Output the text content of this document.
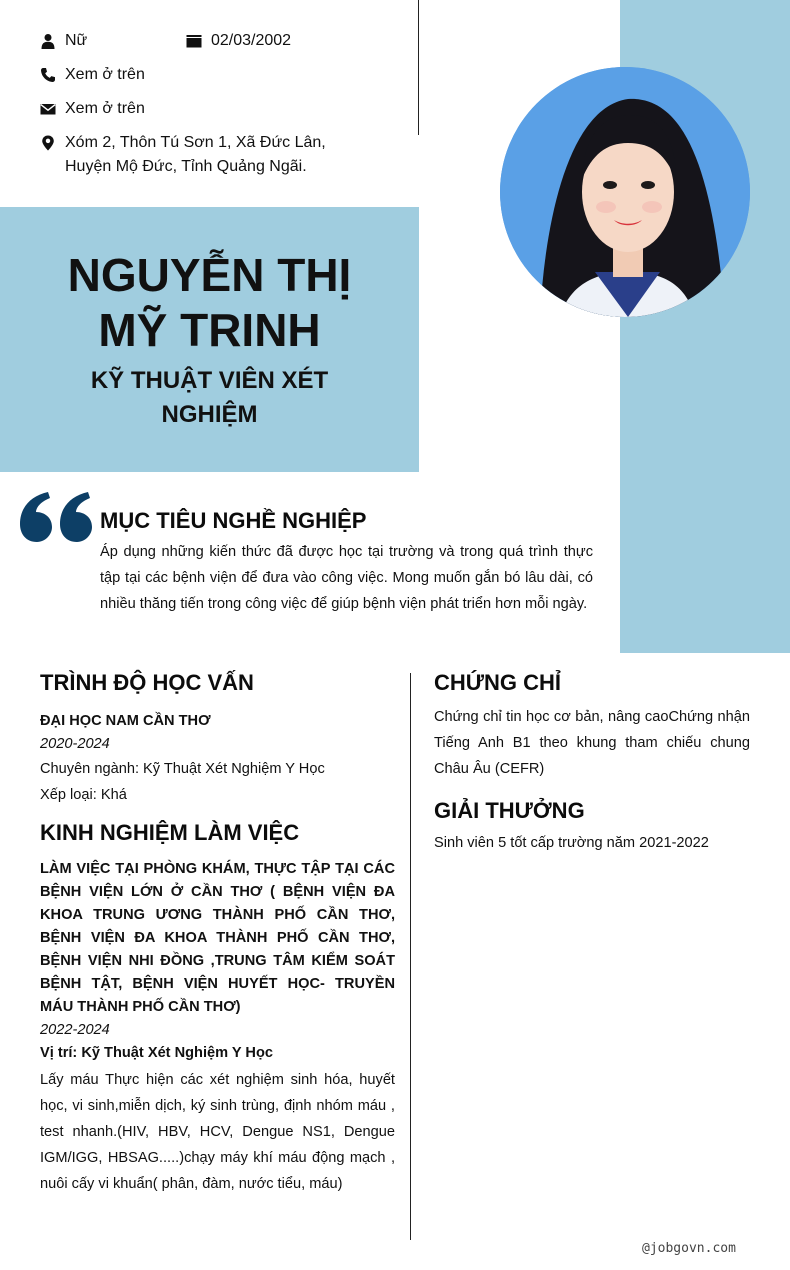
Nữ	02/03/2002
Xem ở trên
Xem ở trên
Xóm 2, Thôn Tú Sơn 1, Xã Đức Lân,
Huyện Mộ Đức, Tỉnh Quảng Ngãi.
NGUYỄN THỊ
MỸ TRINH
KỸ THUẬT VIÊN XÉT
NGHIỆM
MỤC TIÊU NGHỀ NGHIỆP
Áp dụng những kiến thức đã được học tại trường và trong quá trình thực tập tại các bệnh viện để đưa vào công việc. Mong muốn gắn bó lâu dài, có nhiều thăng tiến trong công việc để giúp bệnh viện phát triển hơn mỗi ngày.
TRÌNH ĐỘ HỌC VẤN
ĐẠI HỌC NAM CẦN THƠ
2020-2024
Chuyên ngành: Kỹ Thuật Xét Nghiệm Y Học
Xếp loại: Khá
KINH NGHIỆM LÀM VIỆC
LÀM VIỆC TẠI PHÒNG KHÁM, THỰC TẬP TẠI CÁC BỆNH VIỆN LỚN Ở CẦN THƠ ( BỆNH VIỆN ĐA KHOA TRUNG ƯƠNG THÀNH PHỐ CẦN THƠ, BỆNH VIỆN ĐA KHOA THÀNH PHỐ CẦN THƠ, BỆNH VIỆN NHI ĐỒNG ,TRUNG TÂM KIỂM SOÁT BỆNH TẬT, BỆNH VIỆN HUYẾT HỌC- TRUYỀN MÁU THÀNH PHỐ CẦN THƠ)
2022-2024
Vị trí: Kỹ Thuật Xét Nghiệm Y Học
Lấy máu Thực hiện các xét nghiệm sinh hóa, huyết học, vi sinh,miễn dịch, ký sinh trùng, định nhóm máu , test nhanh.(HIV, HBV, HCV, Dengue NS1, Dengue IGM/IGG, HBSAG.....)chạy máy khí máu động mạch , nuôi cấy vi khuẩn( phân, đàm, nước tiểu, máu)
CHỨNG CHỈ
Chứng chỉ tin học cơ bản, nâng caoChứng nhận Tiếng Anh B1 theo khung tham chiếu chung Châu Âu (CEFR)
GIẢI THƯỞNG
Sinh viên 5 tốt cấp trường năm 2021-2022
@jobgovn.com
